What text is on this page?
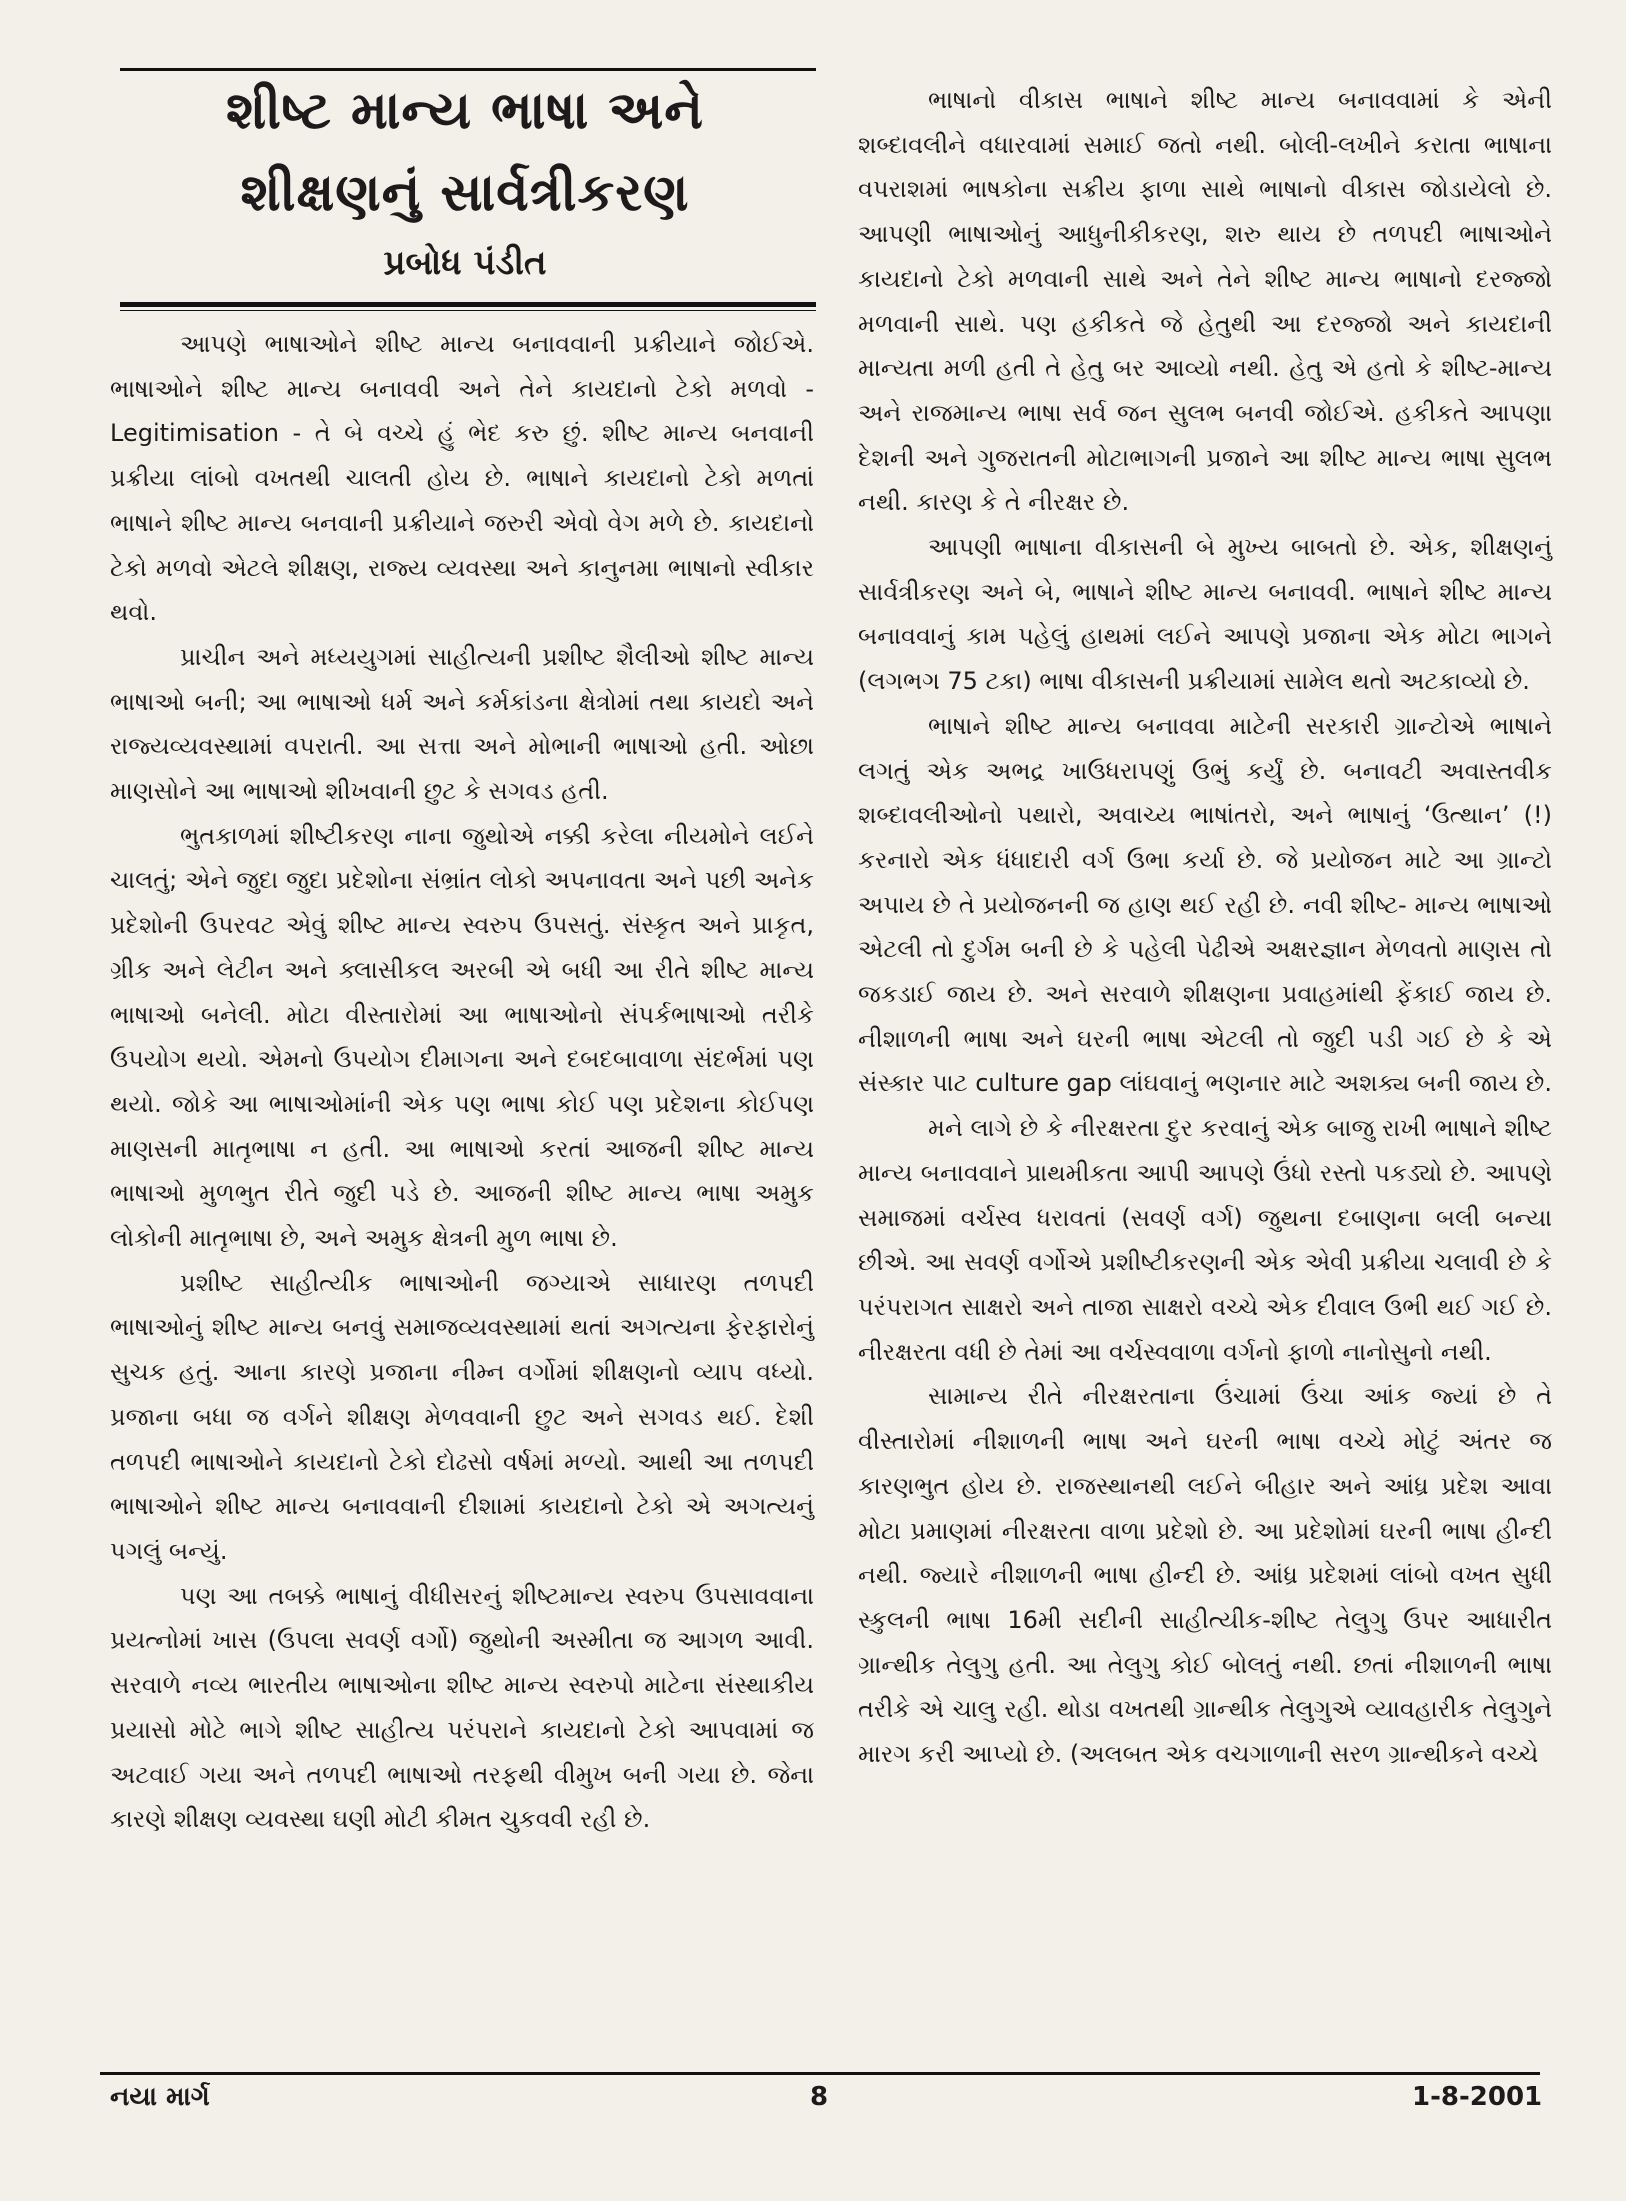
શીષ્ટ માન્ય ભાષા અને
શીક્ષણનું સાર્વત્રીકરણ
પ્રબોધ પંડીત

આપણે ભાષાઓને શીષ્ટ માન્ય બનાવવાની પ્રક્રીયાને જોઈએ. ભાષાઓને શીષ્ટ માન્ય બનાવવી અને તેને કાયદાનો ટેકો મળવો - Legitimisation - તે બે વચ્ચે હું ભેદ કરુ છું. શીષ્ટ માન્ય બનવાની પ્રક્રીયા લાંબો વખતથી ચાલતી હોય છે. ભાષાને કાયદાનો ટેકો મળતાં ભાષાને શીષ્ટ માન્ય બનવાની પ્રક્રીયાને જરુરી એવો વેગ મળે છે. કાયદાનો ટેકો મળવો એટલે શીક્ષણ, રાજ્ય વ્યવસ્થા અને કાનુનમા ભાષાનો સ્વીકાર થવો.

પ્રાચીન અને મધ્યયુગમાં સાહીત્યની પ્રશીષ્ટ શૈલીઓ શીષ્ટ માન્ય ભાષાઓ બની; આ ભાષાઓ ધર્મ અને કર્મકાંડના ક્ષેત્રોમાં તથા કાયદો અને રાજ્યવ્યવસ્થામાં વપરાતી. આ સત્તા અને મોભાની ભાષાઓ હતી. ઓછા માણસોને આ ભાષાઓ શીખવાની છુટ કે સગવડ હતી.

ભુતકાળમાં શીષ્ટીકરણ નાના જુથોએ નક્કી કરેલા નીયમોને લઈને ચાલતું; એને જુદા જુદા પ્રદેશોના સંભ્રાંત લોકો અપનાવતા અને પછી અનેક પ્રદેશોની ઉપરવટ એવું શીષ્ટ માન્ય સ્વરુપ ઉપસતું. સંસ્કૃત અને પ્રાકૃત, ગ્રીક અને લેટીન અને ક્લાસીકલ અરબી એ બધી આ રીતે શીષ્ટ માન્ય ભાષાઓ બનેલી. મોટા વીસ્તારોમાં આ ભાષાઓનો સંપર્કભાષાઓ તરીકે ઉપયોગ થયો. એમનો ઉપયોગ દીમાગના અને દબદબાવાળા સંદર્ભમાં પણ થયો. જોકે આ ભાષાઓમાંની એક પણ ભાષા કોઈ પણ પ્રદેશના કોઈપણ માણસની માતૃભાષા ન હતી. આ ભાષાઓ કરતાં આજની શીષ્ટ માન્ય ભાષાઓ મુળભુત રીતે જુદી પડે છે. આજની શીષ્ટ માન્ય ભાષા અમુક લોકોની માતૃભાષા છે, અને અમુક ક્ષેત્રની મુળ ભાષા છે.

પ્રશીષ્ટ સાહીત્યીક ભાષાઓની જગ્યાએ સાધારણ તળપદી ભાષાઓનું શીષ્ટ માન્ય બનવું સમાજવ્યવસ્થામાં થતાં અગત્યના ફેરફારોનું સુચક હતું. આના કારણે પ્રજાના નીમ્ન વર્ગોમાં શીક્ષણનો વ્યાપ વધ્યો. પ્રજાના બધા જ વર્ગને શીક્ષણ મેળવવાની છુટ અને સગવડ થઈ. દેશી તળપદી ભાષાઓને કાયદાનો ટેકો દોઢસો વર્ષમાં મળ્યો. આથી આ તળપદી ભાષાઓને શીષ્ટ માન્ય બનાવવાની દીશામાં કાયદાનો ટેકો એ અગત્યનું પગલું બન્યું.

પણ આ તબક્કે ભાષાનું વીધીસરનું શીષ્ટમાન્ય સ્વરુપ ઉપસાવવાના પ્રયત્નોમાં ખાસ (ઉપલા સવર્ણ વર્ગો) જુથોની અસ્મીતા જ આગળ આવી. સરવાળે નવ્ય ભારતીય ભાષાઓના શીષ્ટ માન્ય સ્વરુપો માટેના સંસ્થાકીય પ્રયાસો મોટે ભાગે શીષ્ટ સાહીત્ય પરંપરાને કાયદાનો ટેકો આપવામાં જ અટવાઈ ગયા અને તળપદી ભાષાઓ તરફથી વીમુખ બની ગયા છે. જેના કારણે શીક્ષણ વ્યવસ્થા ઘણી મોટી કીમત ચુકવવી રહી છે.

ભાષાનો વીકાસ ભાષાને શીષ્ટ માન્ય બનાવવામાં કે એની શબ્દાવલીને વધારવામાં સમાઈ જતો નથી. બોલી-લખીને કરાતા ભાષાના વપરાશમાં ભાષકોના સક્રીય ફાળા સાથે ભાષાનો વીકાસ જોડાયેલો છે. આપણી ભાષાઓનું આધુનીકીકરણ, શરુ થાય છે તળપદી ભાષાઓને કાયદાનો ટેકો મળવાની સાથે અને તેને શીષ્ટ માન્ય ભાષાનો દરજ્જો મળવાની સાથે. પણ હકીકતે જે હેતુથી આ દરજ્જો અને કાયદાની માન્યતા મળી હતી તે હેતુ બર આવ્યો નથી. હેતુ એ હતો કે શીષ્ટ-માન્ય અને રાજમાન્ય ભાષા સર્વ જન સુલભ બનવી જોઈએ. હકીકતે આપણા દેશની અને ગુજરાતની મોટાભાગની પ્રજાને આ શીષ્ટ માન્ય ભાષા સુલભ નથી. કારણ કે તે નીરક્ષર છે.

આપણી ભાષાના વીકાસની બે મુખ્ય બાબતો છે. એક, શીક્ષણનું સાર્વત્રીકરણ અને બે, ભાષાને શીષ્ટ માન્ય બનાવવી. ભાષાને શીષ્ટ માન્ય બનાવવાનું કામ પહેલું હાથમાં લઈને આપણે પ્રજાના એક મોટા ભાગને (લગભગ 75 ટકા) ભાષા વીકાસની પ્રક્રીયામાં સામેલ થતો અટકાવ્યો છે.

ભાષાને શીષ્ટ માન્ય બનાવવા માટેની સરકારી ગ્રાન્ટોએ ભાષાને લગતું એક અભદ્ર ખાઉધરાપણું ઉભું કર્યું છે. બનાવટી અવાસ્તવીક શબ્દાવલીઓનો પથારો, અવાચ્ય ભાષાંતરો, અને ભાષાનું ‘ઉત્થાન’ (!) કરનારો એક ધંધાદારી વર્ગ ઉભા કર્યા છે. જે પ્રયોજન માટે આ ગ્રાન્ટો અપાય છે તે પ્રયોજનની જ હાણ થઈ રહી છે. નવી શીષ્ટ- માન્ય ભાષાઓ એટલી તો દુર્ગમ બની છે કે પહેલી પેઢીએ અક્ષરજ્ઞાન મેળવતો માણસ તો જકડાઈ જાય છે. અને સરવાળે શીક્ષણના પ્રવાહમાંથી ફેંકાઈ જાય છે. નીશાળની ભાષા અને ઘરની ભાષા એટલી તો જુદી પડી ગઈ છે કે એ સંસ્કાર પાટ culture gap લાંઘવાનું ભણનાર માટે અશક્ય બની જાય છે.

મને લાગે છે કે નીરક્ષરતા દુર કરવાનું એક બાજુ રાખી ભાષાને શીષ્ટ માન્ય બનાવવાને પ્રાથમીકતા આપી આપણે ઉંધો રસ્તો પકડ્યો છે. આપણે સમાજમાં વર્ચસ્વ ધરાવતાં (સવર્ણ વર્ગ) જુથના દબાણના બલી બન્યા છીએ. આ સવર્ણ વર્ગોએ પ્રશીષ્ટીકરણની એક એવી પ્રક્રીયા ચલાવી છે કે પરંપરાગત સાક્ષરો અને તાજા સાક્ષરો વચ્ચે એક દીવાલ ઉભી થઈ ગઈ છે. નીરક્ષરતા વધી છે તેમાં આ વર્ચસ્વવાળા વર્ગનો ફાળો નાનોસુનો નથી.

સામાન્ય રીતે નીરક્ષરતાના ઉંચામાં ઉંચા આંક જ્યાં છે તે વીસ્તારોમાં નીશાળની ભાષા અને ઘરની ભાષા વચ્ચે મોટું અંતર જ કારણભુત હોય છે. રાજસ્થાનથી લઈને બીહાર અને આંધ્ર પ્રદેશ આવા મોટા પ્રમાણમાં નીરક્ષરતા વાળા પ્રદેશો છે. આ પ્રદેશોમાં ઘરની ભાષા હીન્દી નથી. જ્યારે નીશાળની ભાષા હીન્દી છે. આંધ્ર પ્રદેશમાં લાંબો વખત સુધી સ્કુલની ભાષા 16મી સદીની સાહીત્યીક-શીષ્ટ તેલુગુ ઉપર આધારીત ગ્રાન્થીક તેલુગુ હતી. આ તેલુગુ કોઈ બોલતું નથી. છતાં નીશાળની ભાષા તરીકે એ ચાલુ રહી. થોડા વખતથી ગ્રાન્થીક તેલુગુએ વ્યાવહારીક તેલુગુને મારગ કરી આપ્યો છે. (અલબત એક વચગાળાની સરળ ગ્રાન્થીકને વચ્ચે

નયા માર્ગ	8	1-8-2001
